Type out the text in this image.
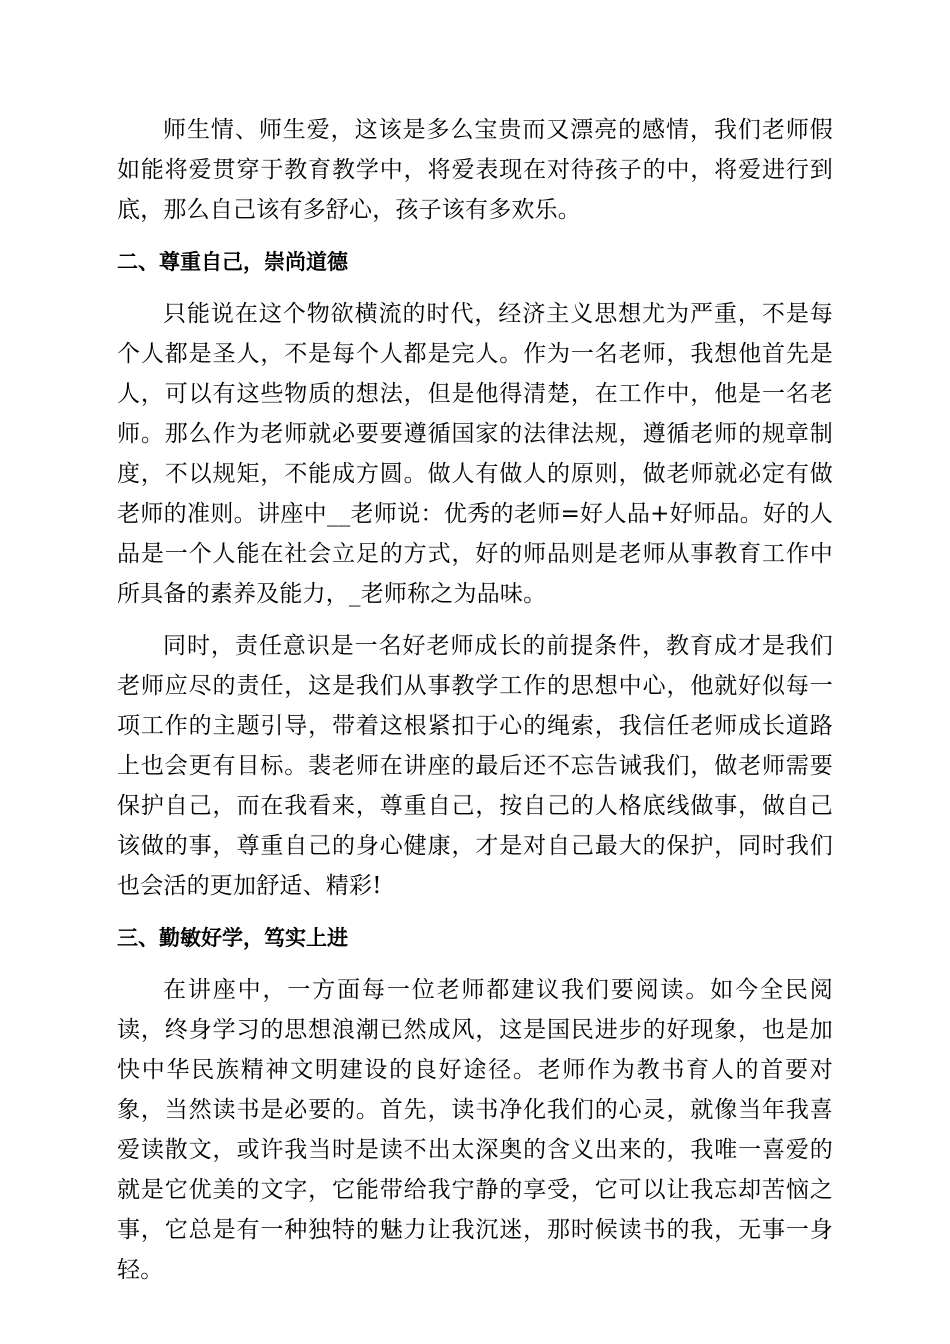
师生情、师生爱，这该是多么宝贵而又漂亮的感情，我们老师假如能将爱贯穿于教育教学中，将爱表现在对待孩子的中，将爱进行到底，那么自己该有多舒心，孩子该有多欢乐。

二、尊重自己，崇尚道德

只能说在这个物欲横流的时代，经济主义思想尤为严重，不是每个人都是圣人，不是每个人都是完人。作为一名老师，我想他首先是人，可以有这些物质的想法，但是他得清楚，在工作中，他是一名老师。那么作为老师就必要要遵循国家的法律法规，遵循老师的规章制度，不以规矩，不能成方圆。做人有做人的原则，做老师就必定有做老师的准则。讲座中__老师说：优秀的老师=好人品+好师品。好的人品是一个人能在社会立足的方式，好的师品则是老师从事教育工作中所具备的素养及能力，_老师称之为品味。

同时，责任意识是一名好老师成长的前提条件，教育成才是我们老师应尽的责任，这是我们从事教学工作的思想中心，他就好似每一项工作的主题引导，带着这根紧扣于心的绳索，我信任老师成长道路上也会更有目标。裴老师在讲座的最后还不忘告诫我们，做老师需要保护自己，而在我看来，尊重自己，按自己的人格底线做事，做自己该做的事，尊重自己的身心健康，才是对自己最大的保护，同时我们也会活的更加舒适、精彩!

三、勤敏好学，笃实上进

在讲座中，一方面每一位老师都建议我们要阅读。如今全民阅读，终身学习的思想浪潮已然成风，这是国民进步的好现象，也是加快中华民族精神文明建设的良好途径。老师作为教书育人的首要对象，当然读书是必要的。首先，读书净化我们的心灵，就像当年我喜爱读散文，或许我当时是读不出太深奥的含义出来的，我唯一喜爱的就是它优美的文字，它能带给我宁静的享受，它可以让我忘却苦恼之事，它总是有一种独特的魅力让我沉迷，那时候读书的我，无事一身轻。
